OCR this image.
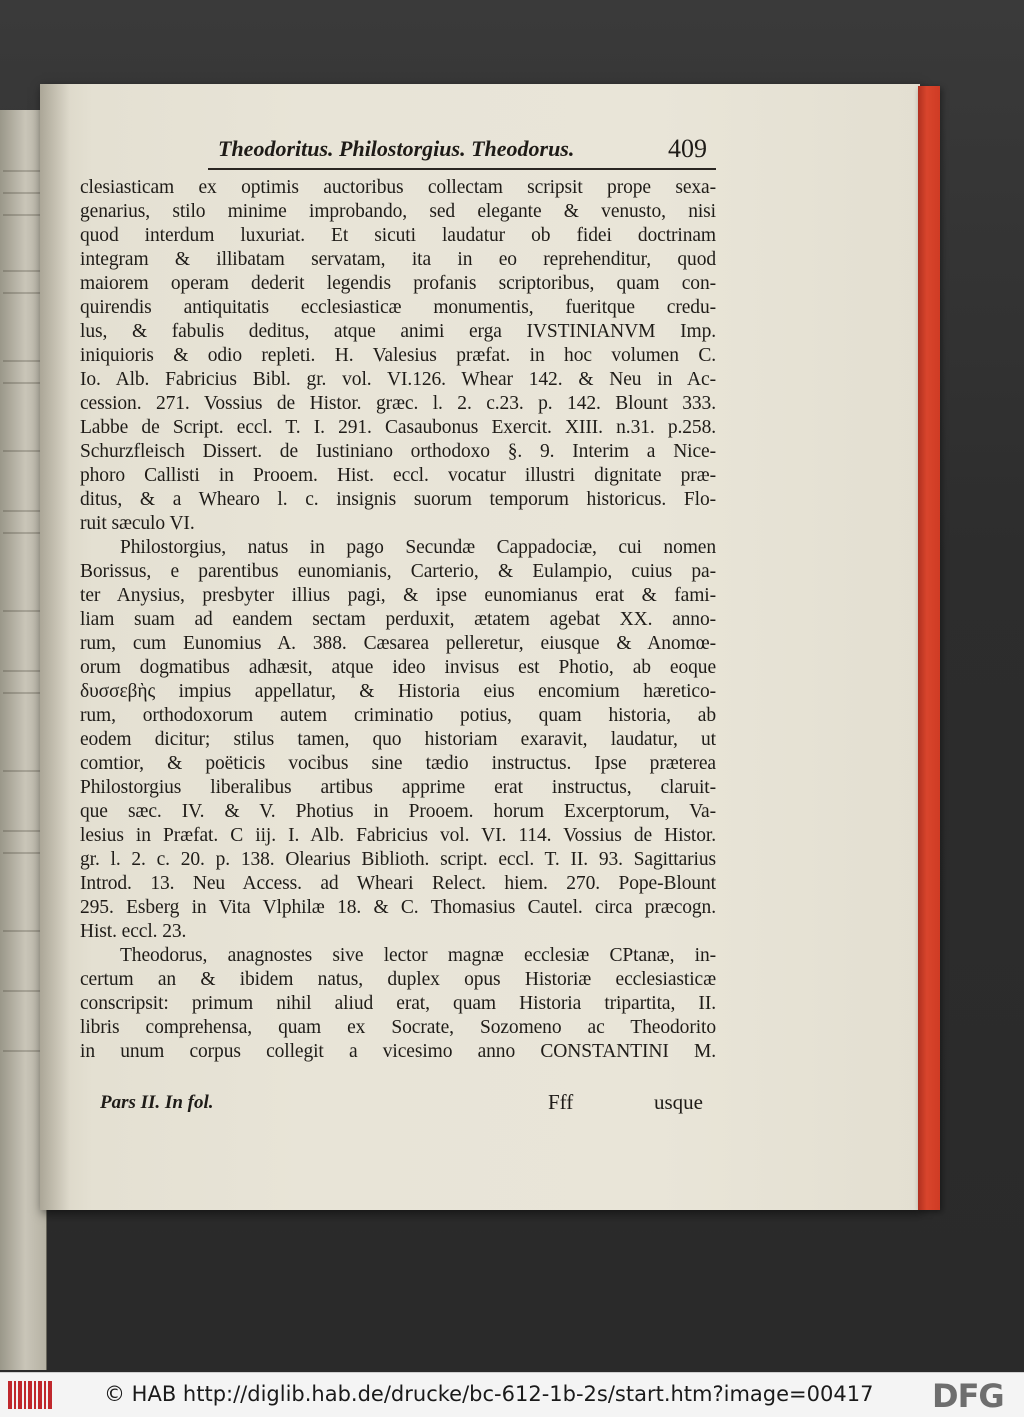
Theodoritus. Philostorgius. Theodorus.	409
clesiasticam ex optimis auctoribus collectam scripsit prope sexa-
genarius, stilo minime improbando, sed elegante & venusto, nisi
quod interdum luxuriat. Et sicuti laudatur ob fidei doctrinam
integram & illibatam servatam, ita in eo reprehenditur, quod
maiorem operam dederit legendis profanis scriptoribus, quam con-
quirendis antiquitatis ecclesiasticæ monumentis, fueritque credu-
lus, & fabulis deditus, atque animi erga IVSTINIANVM Imp.
iniquioris & odio repleti. H. Valesius præfat. in hoc volumen C.
Io. Alb. Fabricius Bibl. gr. vol. VI.126. Whear 142. & Neu in Ac-
cession. 271. Vossius de Histor. græc. l. 2. c.23. p. 142. Blount 333.
Labbe de Script. eccl. T. I. 291. Casaubonus Exercit. XIII. n.31. p.258.
Schurzfleisch Dissert. de Iustiniano orthodoxo §. 9. Interim a Nice-
phoro Callisti in Prooem. Hist. eccl. vocatur illustri dignitate præ-
ditus, & a Whearo l. c. insignis suorum temporum historicus. Flo-
ruit sæculo VI.
Philostorgius, natus in pago Secundæ Cappadociæ, cui nomen
Borissus, e parentibus eunomianis, Carterio, & Eulampio, cuius pa-
ter Anysius, presbyter illius pagi, & ipse eunomianus erat & fami-
liam suam ad eandem sectam perduxit, ætatem agebat XX. anno-
rum, cum Eunomius A. 388. Cæsarea pelleretur, eiusque & Anomœ-
orum dogmatibus adhæsit, atque ideo invisus est Photio, ab eoque
δυσσεβὴς impius appellatur, & Historia eius encomium hæretico-
rum, orthodoxorum autem criminatio potius, quam historia, ab
eodem dicitur; stilus tamen, quo historiam exaravit, laudatur, ut
comtior, & poëticis vocibus sine tædio instructus. Ipse præterea
Philostorgius liberalibus artibus apprime erat instructus, claruit-
que sæc. IV. & V. Photius in Prooem. horum Excerptorum, Va-
lesius in Præfat. C iij. I. Alb. Fabricius vol. VI. 114. Vossius de Histor.
gr. l. 2. c. 20. p. 138. Olearius Biblioth. script. eccl. T. II. 93. Sagittarius
Introd. 13. Neu Access. ad Wheari Relect. hiem. 270. Pope-Blount
295. Esberg in Vita Vlphilæ 18. & C. Thomasius Cautel. circa præcogn.
Hist. eccl. 23.
Theodorus, anagnostes sive lector magnæ ecclesiæ CPtanæ, in-
certum an & ibidem natus, duplex opus Historiæ ecclesiasticæ
conscripsit: primum nihil aliud erat, quam Historia tripartita, II.
libris comprehensa, quam ex Socrate, Sozomeno ac Theodorito
in unum corpus collegit a vicesimo anno CONSTANTINI M.
Pars II. In fol.	Fff	usque
© HAB http://diglib.hab.de/drucke/bc-612-1b-2s/start.htm?image=00417 DFG
